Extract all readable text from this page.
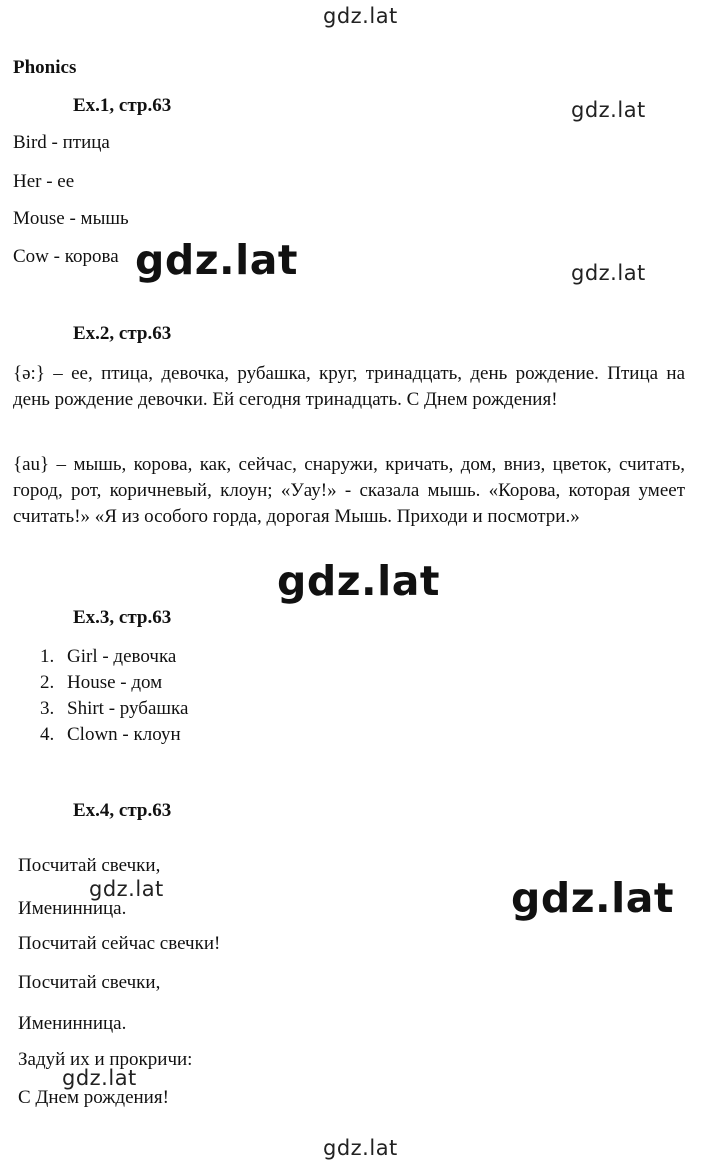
gdz.lat
gdz.lat
gdz.lat
gdz.lat
Phonics
Ex.1, стр.63
Bird - птица
Her - ее
Mouse - мышь
Cow - корова gdz.lat
Ex.2, стр.63
{ə:} – ее, птица, девочка, рубашка, круг, тринадцать, день рождение. Птица на день рождение девочки. Ей сегодня тринадцать. С Днем рождения!
{au} – мышь, корова, как, сейчас, снаружи, кричать, дом, вниз, цветок, считать, город, рот, коричневый, клоун; «Уау!» - сказала мышь. «Корова, которая умеет считать!» «Я из особого горда, дорогая Мышь. Приходи и посмотри.»
gdz.lat
Ex.3, стр.63
1. Girl - девочка
2. House - дом
3. Shirt - рубашка
4. Clown - клоун
Ex.4, стр.63
Посчитай свечки,
Именинница.
Посчитай сейчас свечки!
Посчитай свечки,
Именинница.
Задуй их и прокричи:
С Днем рождения!
gdz.lat	gdz.lat
gdz.lat
